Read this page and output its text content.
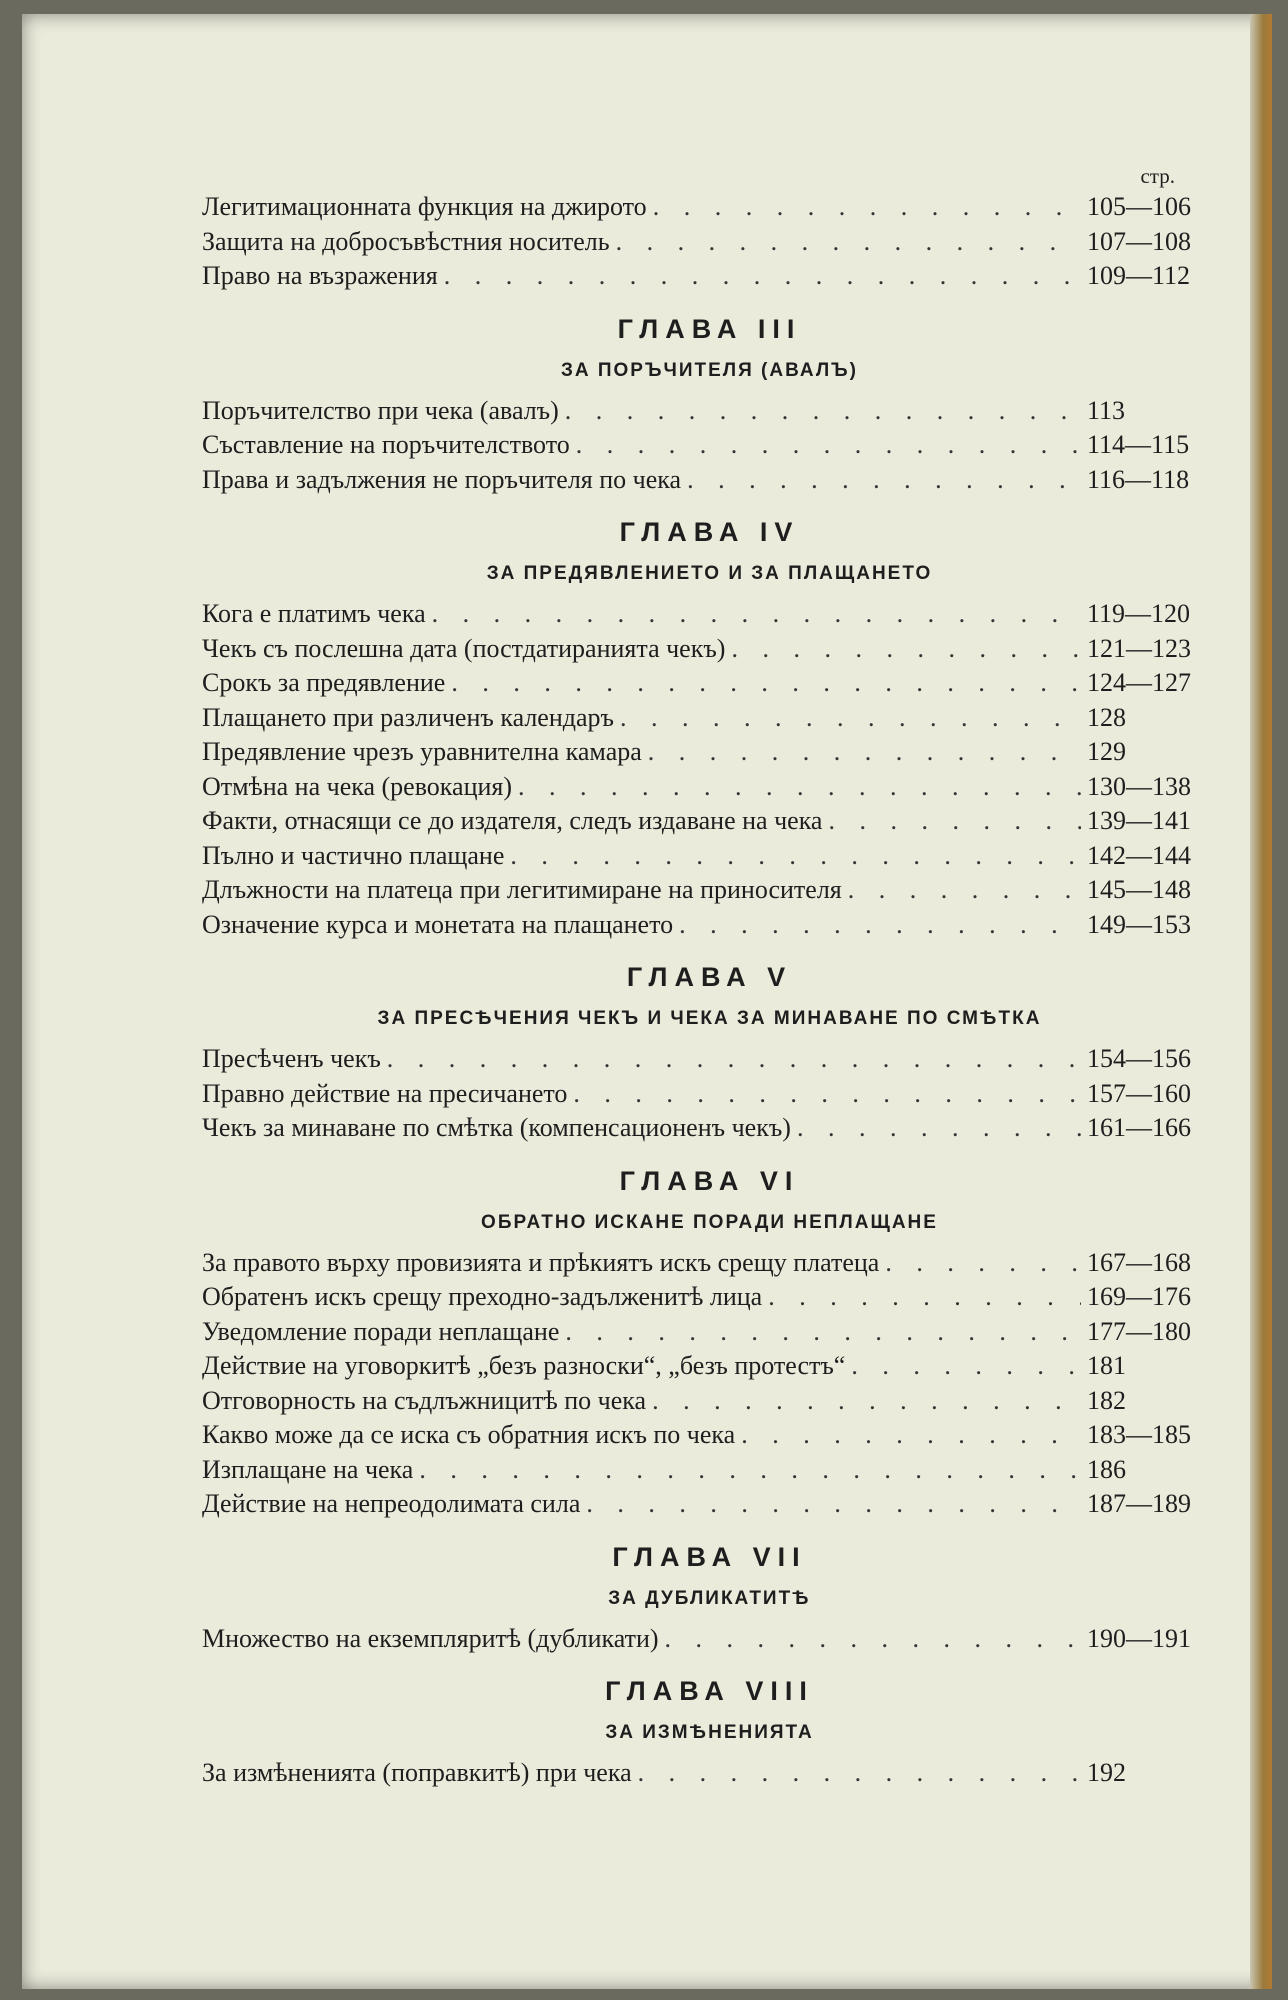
стр.
Легитимационната функция на джирото . . .	105—106
Защита на добросъвѣстния носитель . . .	107—108
Право на възражения . . .	109—112
ГЛАВА III
ЗА ПОРЪЧИТЕЛЯ (АВАЛЪ)
Поръчителство при чека (авалъ) . . .	113
Съставление на поръчителството . . .	114—115
Права и задължения не поръчителя по чека . . .	116—118
ГЛАВА IV
ЗА ПРЕДЯВЛЕНИЕТО И ЗА ПЛАЩАНЕТО
Кога е платимъ чека . . .	119—120
Чекъ съ послешна дата (постдатиранията чекъ) . . .	121—123
Срокъ за предявление . . .	124—127
Плащането при различенъ календаръ . . .	128
Предявление чрезъ уравнителна камара . . .	129
Отмѣна на чека (ревокация) . . .	130—138
Факти, отнасящи се до издателя, следъ издаване на чека . . .	139—141
Пълно и частично плащане . . .	142—144
Длъжности на платеца при легитимиране на приносителя . . .	145—148
Означение курса и монетата на плащането . . .	149—153
ГЛАВА V
ЗА ПРЕСѢЧЕНИЯ ЧЕКЪ И ЧЕКА ЗА МИНАВАНЕ ПО СМѢТКА
Пресѣченъ чекъ . . .	154—156
Правно действие на пресичането . . .	157—160
Чекъ за минаване по смѣтка (компенсационенъ чекъ) . . .	161—166
ГЛАВА VI
ОБРАТНО ИСКАНЕ ПОРАДИ НЕПЛАЩАНЕ
За правото върху провизията и прѣкиятъ искъ срещу платеца . . .	167—168
Обратенъ искъ срещу преходно-задълженитѣ лица . . .	169—176
Уведомление поради неплащане . . .	177—180
Действие на уговоркитѣ „безъ разноски“, „безъ протестъ“ . . .	181
Отговорность на съдлъжницитѣ по чека . . .	182
Какво може да се иска съ обратния искъ по чека . . .	183—185
Изплащане на чека . . .	186
Действие на непреодолимата сила . . .	187—189
ГЛАВА VII
ЗА ДУБЛИКАТИТѢ
Множество на екземпляритѣ (дубликати) . . .	190—191
ГЛАВА VIII
ЗА ИЗМѢНЕНИЯТА
За измѣненията (поправкитѣ) при чека . . .	192
